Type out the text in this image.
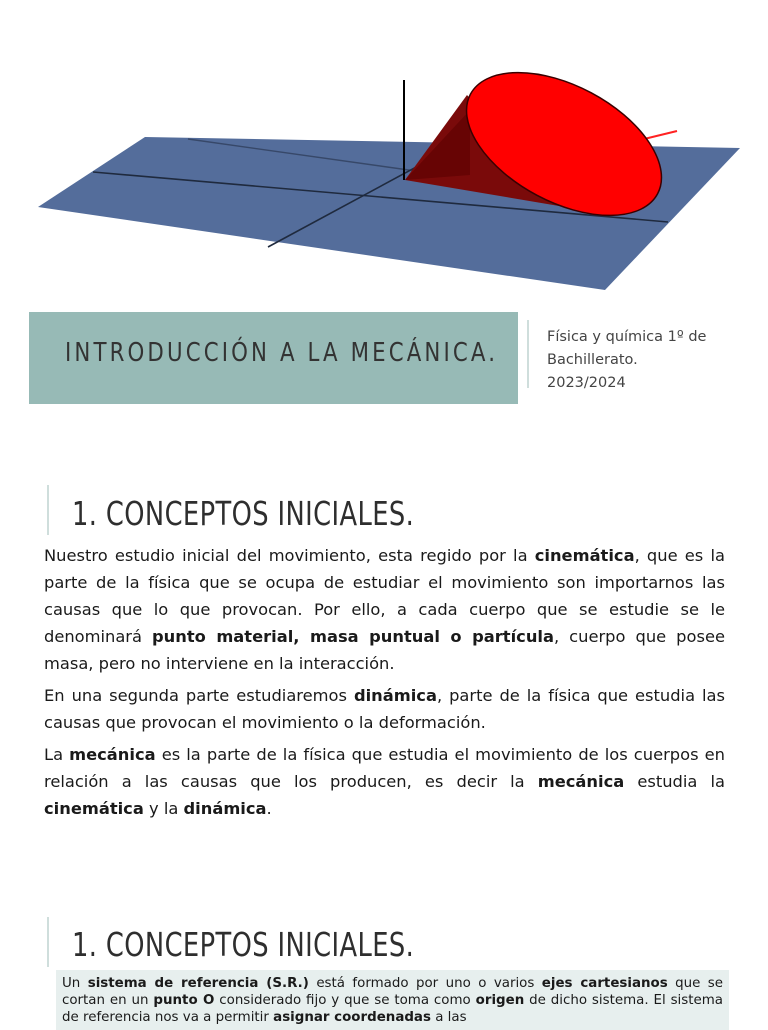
INTRODUCCIÓN A LA MECÁNICA.
Física y química 1º de
Bachillerato.
2023/2024
1. CONCEPTOS INICIALES.

Nuestro estudio inicial del movimiento, esta regido por la cinemática, que es la parte de la física que se ocupa de estudiar el movimiento son importarnos las causas que lo que provocan. Por ello, a cada cuerpo que se estudie se le denominará punto material, masa puntual o partícula, cuerpo que posee masa, pero no interviene en la interacción.

En una segunda parte estudiaremos dinámica, parte de la física que estudia las causas que provocan el movimiento o la deformación.

La mecánica es la parte de la física que estudia el movimiento de los cuerpos en relación a las causas que los producen, es decir la mecánica estudia la cinemática y la dinámica.

1. CONCEPTOS INICIALES.
Un sistema de referencia (S.R.) está formado por uno o varios ejes cartesianos que se cortan en un punto O considerado fijo y que se toma como origen de dicho sistema. El sistema de referencia nos va a permitir asignar coordenadas a las
